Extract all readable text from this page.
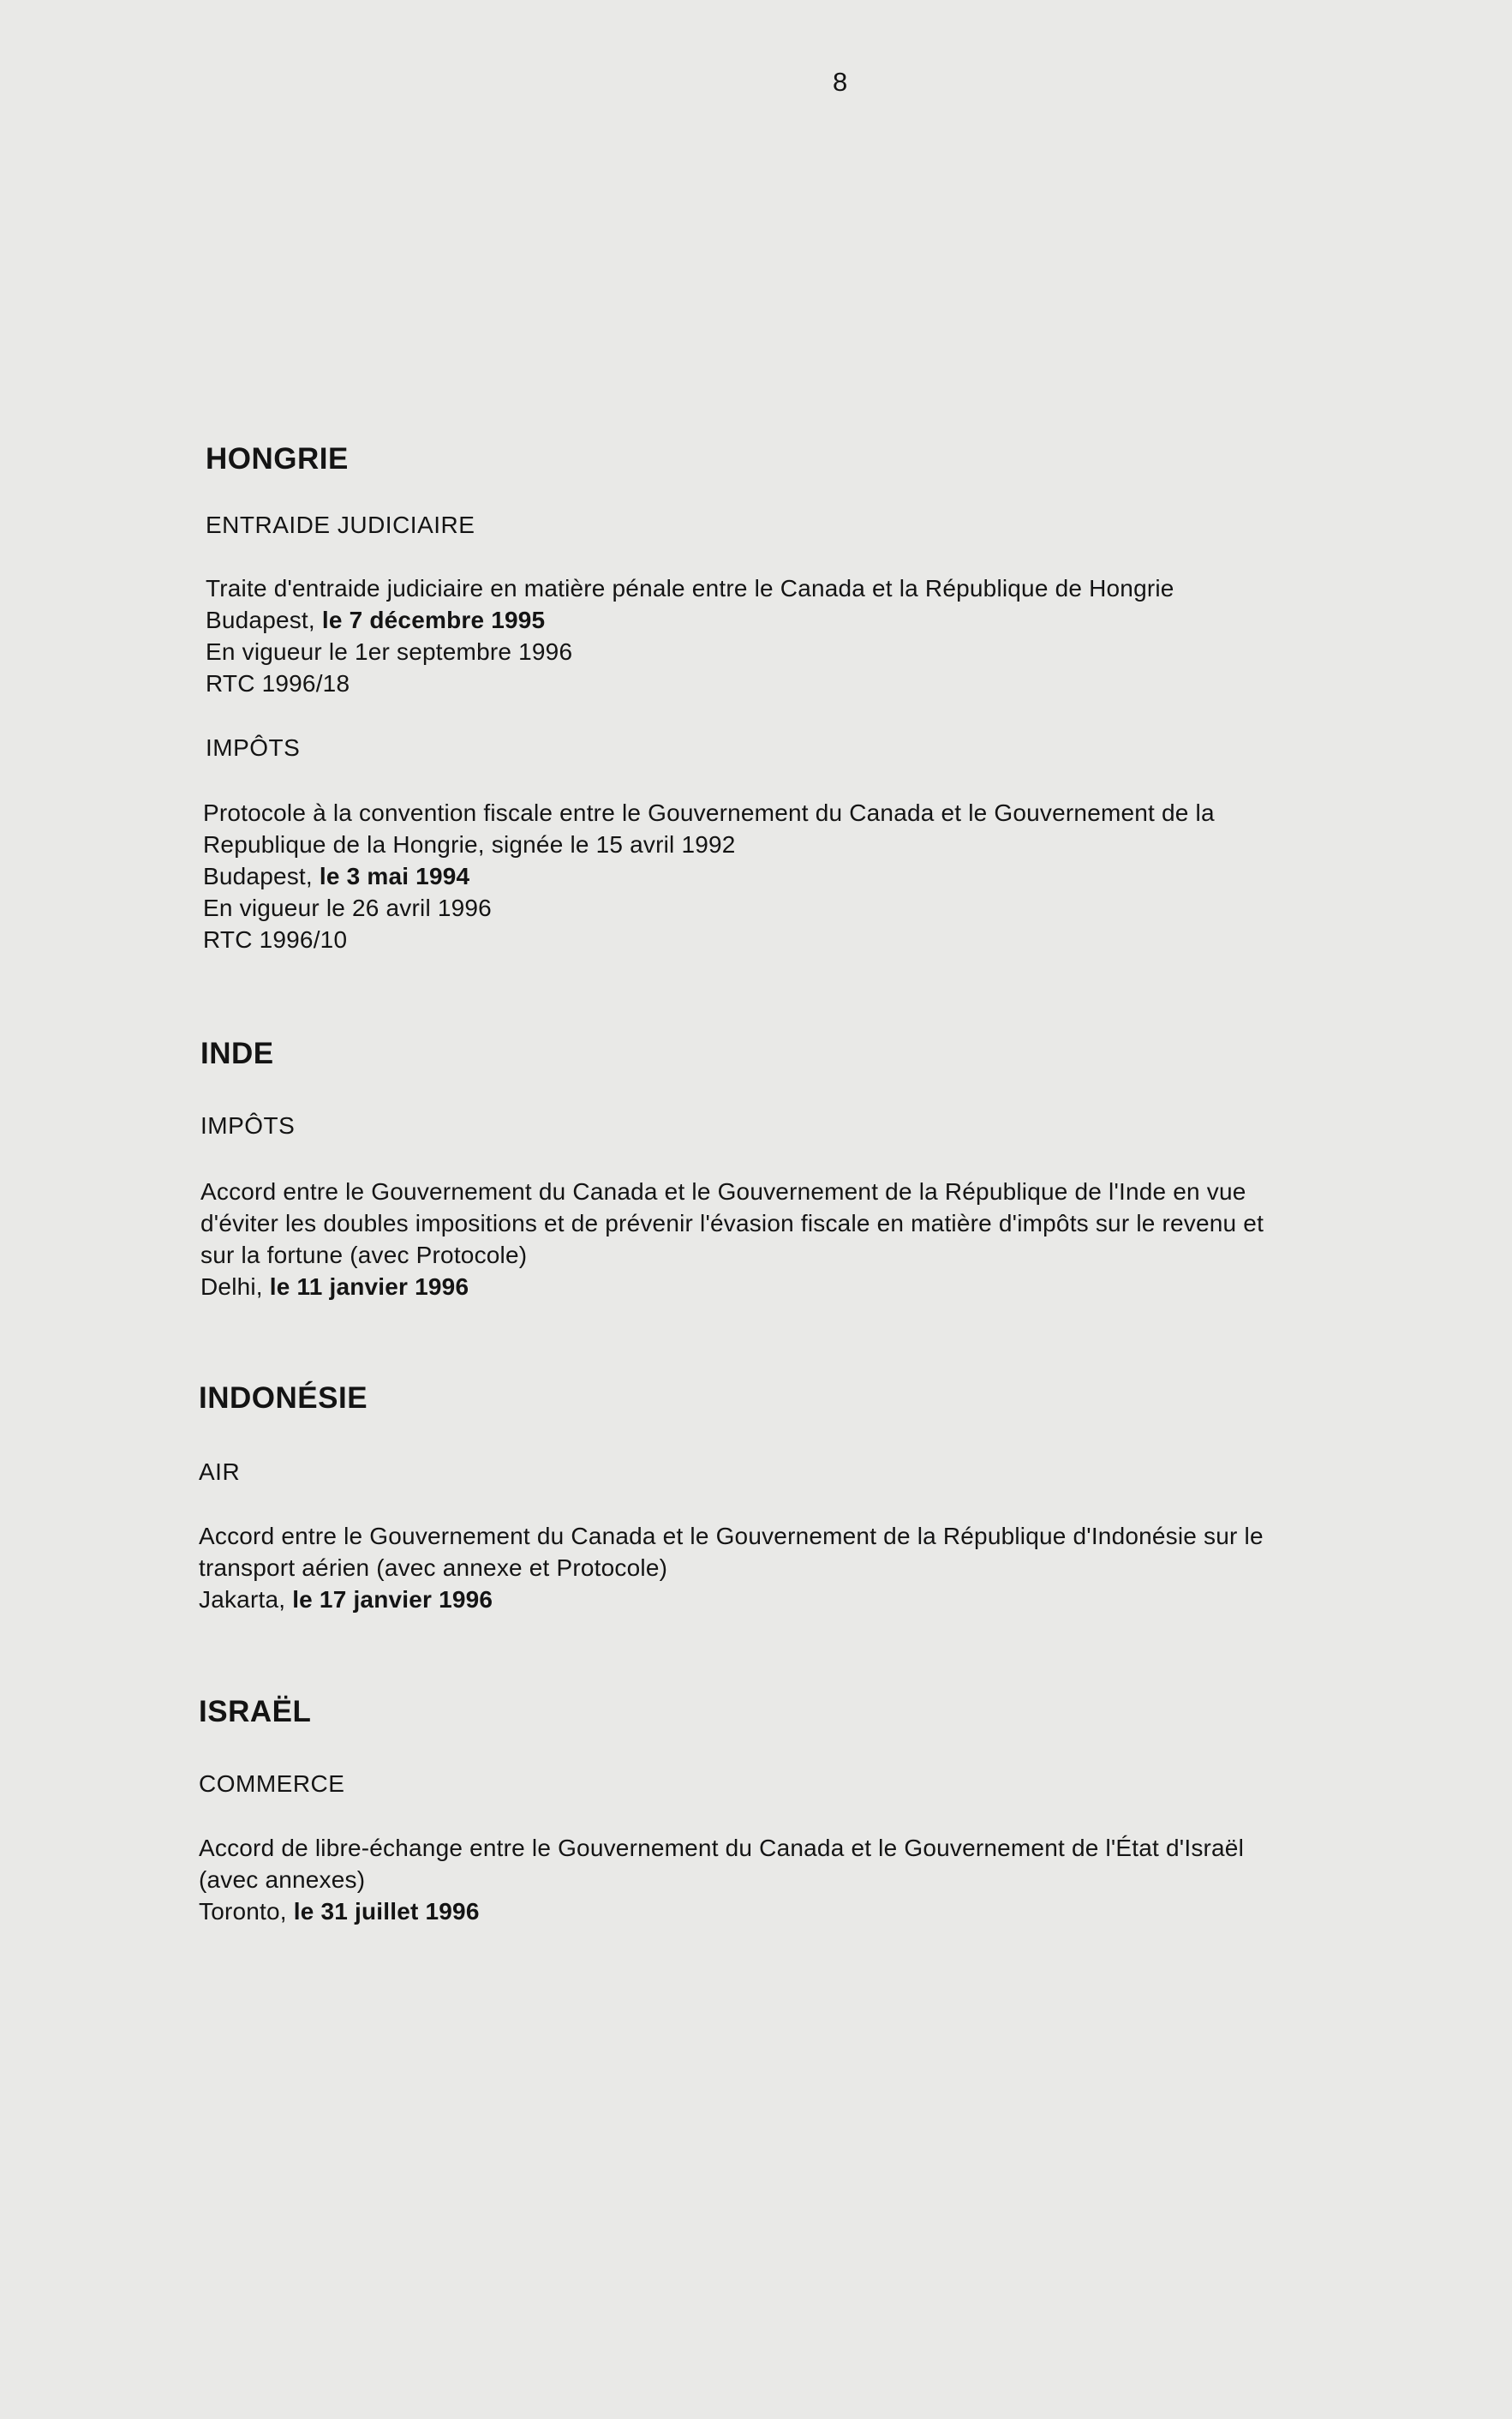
8
HONGRIE
ENTRAIDE JUDICIAIRE
Traite d'entraide judiciaire en matière pénale entre le Canada et la République de Hongrie
Budapest, le 7 décembre 1995
En vigueur le 1er septembre 1996
RTC 1996/18
IMPÔTS
Protocole à la convention fiscale entre le Gouvernement du Canada et le Gouvernement de la
Republique de la Hongrie, signée le 15 avril 1992
Budapest, le 3 mai 1994
En vigueur le 26 avril 1996
RTC 1996/10
INDE
IMPÔTS
Accord entre le Gouvernement du Canada et le Gouvernement de la République de l'Inde en vue
d'éviter les doubles impositions et de prévenir l'évasion fiscale en matière d'impôts sur le revenu et
sur la fortune (avec Protocole)
Delhi, le 11 janvier 1996
INDONÉSIE
AIR
Accord entre le Gouvernement du Canada et le Gouvernement de la République d'Indonésie sur le
transport aérien (avec annexe et Protocole)
Jakarta, le 17 janvier 1996
ISRAËL
COMMERCE
Accord de libre-échange entre le Gouvernement du Canada et le Gouvernement de l'État d'Israël
(avec annexes)
Toronto, le 31 juillet 1996
